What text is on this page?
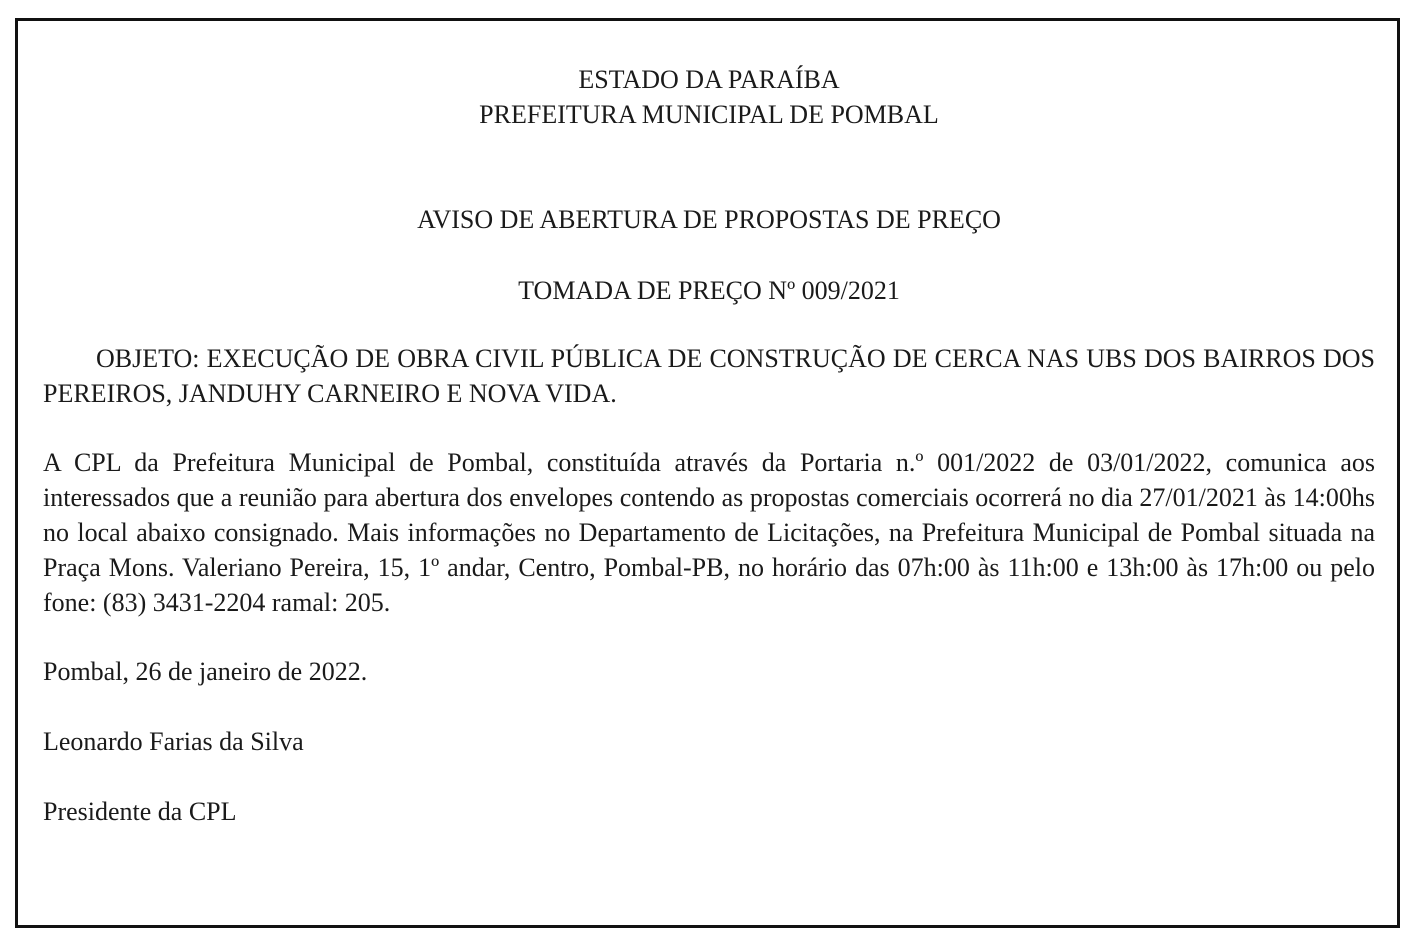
ESTADO DA PARAÍBA

PREFEITURA MUNICIPAL DE POMBAL

AVISO DE ABERTURA DE PROPOSTAS DE PREÇO

TOMADA DE PREÇO Nº 009/2021

OBJETO: EXECUÇÃO DE OBRA CIVIL PÚBLICA DE CONSTRUÇÃO DE CERCA NAS UBS DOS BAIRROS DOS PEREIROS, JANDUHY CARNEIRO E NOVA VIDA.

A CPL da Prefeitura Municipal de Pombal, constituída através da Portaria n.º 001/2022 de 03/01/2022, comunica aos interessados que a reunião para abertura dos envelopes contendo as propostas comerciais ocorrerá no dia 27/01/2021 às 14:00hs no local abaixo consignado. Mais informações no Departamento de Licitações, na Prefeitura Municipal de Pombal situada na Praça Mons. Valeriano Pereira, 15, 1º andar, Centro, Pombal-PB, no horário das 07h:00 às 11h:00 e 13h:00 às 17h:00 ou pelo fone: (83) 3431-2204 ramal: 205.

Pombal, 26 de janeiro de 2022.

Leonardo Farias da Silva

Presidente da CPL
